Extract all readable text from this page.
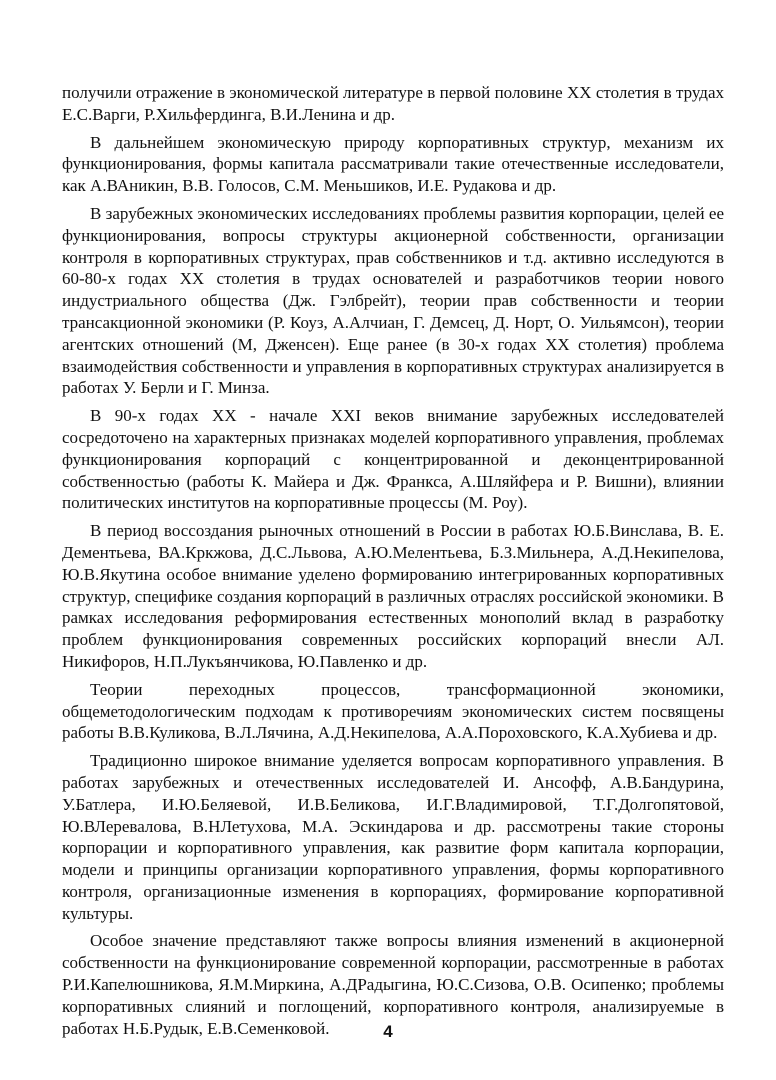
получили отражение в экономической литературе в первой половине XX столетия в трудах Е.С.Варги, Р.Хильфердинга, В.И.Ленина и др.

В дальнейшем экономическую природу корпоративных структур, механизм их функционирования, формы капитала рассматривали такие отечественные исследователи, как А.ВАникин, В.В. Голосов, С.М. Меньшиков, И.Е. Рудакова и др.

В зарубежных экономических исследованиях проблемы развития корпорации, целей ее функционирования, вопросы структуры акционерной собственности, организации контроля в корпоративных структурах, прав собственников и т.д. активно исследуются в 60-80-х годах XX столетия в трудах основателей и разработчиков теории нового индустриального общества (Дж. Гэлбрейт), теории прав собственности и теории трансакционной экономики (Р. Коуз, А.Алчиан, Г. Демсец, Д. Норт, О. Уильямсон), теории агентских отношений (М, Дженсен). Еще ранее (в 30-х годах XX столетия) проблема взаимодействия собственности и управления в корпоративных структурах анализируется в работах У. Берли и Г. Минза.

В 90-х годах XX - начале XXI веков внимание зарубежных исследователей сосредоточено на характерных признаках моделей корпоративного управления, проблемах функционирования корпораций с концентрированной и деконцентрированной собственностью (работы К. Майера и Дж. Франкса, А.Шляйфера и Р. Вишни), влиянии политических институтов на корпоративные процессы (М. Роу).

В период воссоздания рыночных отношений в России в работах Ю.Б.Винслава, В. Е. Дементьева, ВА.Кркжова, Д.С.Львова, А.Ю.Мелентьева, Б.З.Мильнера, А.Д.Некипелова, Ю.В.Якутина особое внимание уделено формированию интегрированных корпоративных структур, специфике создания корпораций в различных отраслях российской экономики. В рамках исследования реформирования естественных монополий вклад в разработку проблем функционирования современных российских корпораций внесли АЛ. Никифоров, Н.П.Лукъянчикова, Ю.Павленко и др.

Теории переходных процессов, трансформационной экономики, общеметодологическим подходам к противоречиям экономических систем посвящены работы В.В.Куликова, В.Л.Лячина, А.Д.Некипелова, А.А.Пороховского, К.А.Хубиева и др.

Традиционно широкое внимание уделяется вопросам корпоративного управления. В работах зарубежных и отечественных исследователей И. Ансофф, А.В.Бандурина, У.Батлера, И.Ю.Беляевой, И.В.Беликова, И.Г.Владимировой, Т.Г.Долгопятовой, Ю.ВЛеревалова, В.НЛетухова, М.А. Эскиндарова и др. рассмотрены такие стороны корпорации и корпоративного управления, как развитие форм капитала корпорации, модели и принципы организации корпоративного управления, формы корпоративного контроля, организационные изменения в корпорациях, формирование корпоративной культуры.

Особое значение представляют также вопросы влияния изменений в акционерной собственности на функционирование современной корпорации, рассмотренные в работах Р.И.Капелюшникова, Я.М.Миркина, А.ДРадыгина, Ю.С.Сизова, О.В. Осипенко; проблемы корпоративных слияний и поглощений, корпоративного контроля, анализируемые в работах Н.Б.Рудык, Е.В.Семенковой.	4
